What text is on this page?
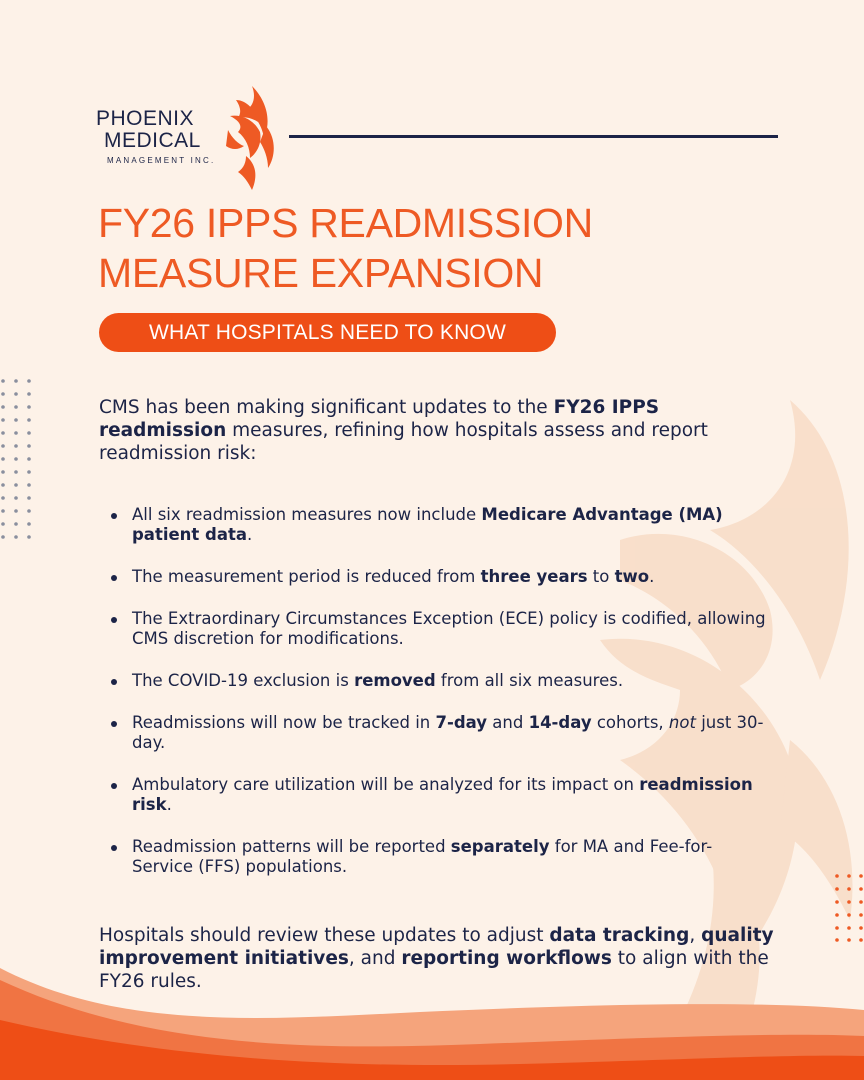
PHOENIX
MEDICAL
MANAGEMENT INC.
FY26 IPPS READMISSION
MEASURE EXPANSION
WHAT HOSPITALS NEED TO KNOW

CMS has been making significant updates to the FY26 IPPS readmission measures, refining how hospitals assess and report readmission risk:

All six readmission measures now include Medicare Advantage (MA) patient data.
The measurement period is reduced from three years to two.
The Extraordinary Circumstances Exception (ECE) policy is codified, allowing CMS discretion for modifications.
The COVID-19 exclusion is removed from all six measures.
Readmissions will now be tracked in 7-day and 14-day cohorts, not just 30-day.
Ambulatory care utilization will be analyzed for its impact on readmission risk.
Readmission patterns will be reported separately for MA and Fee-for-Service (FFS) populations.

Hospitals should review these updates to adjust data tracking, quality improvement initiatives, and reporting workflows to align with the FY26 rules.
